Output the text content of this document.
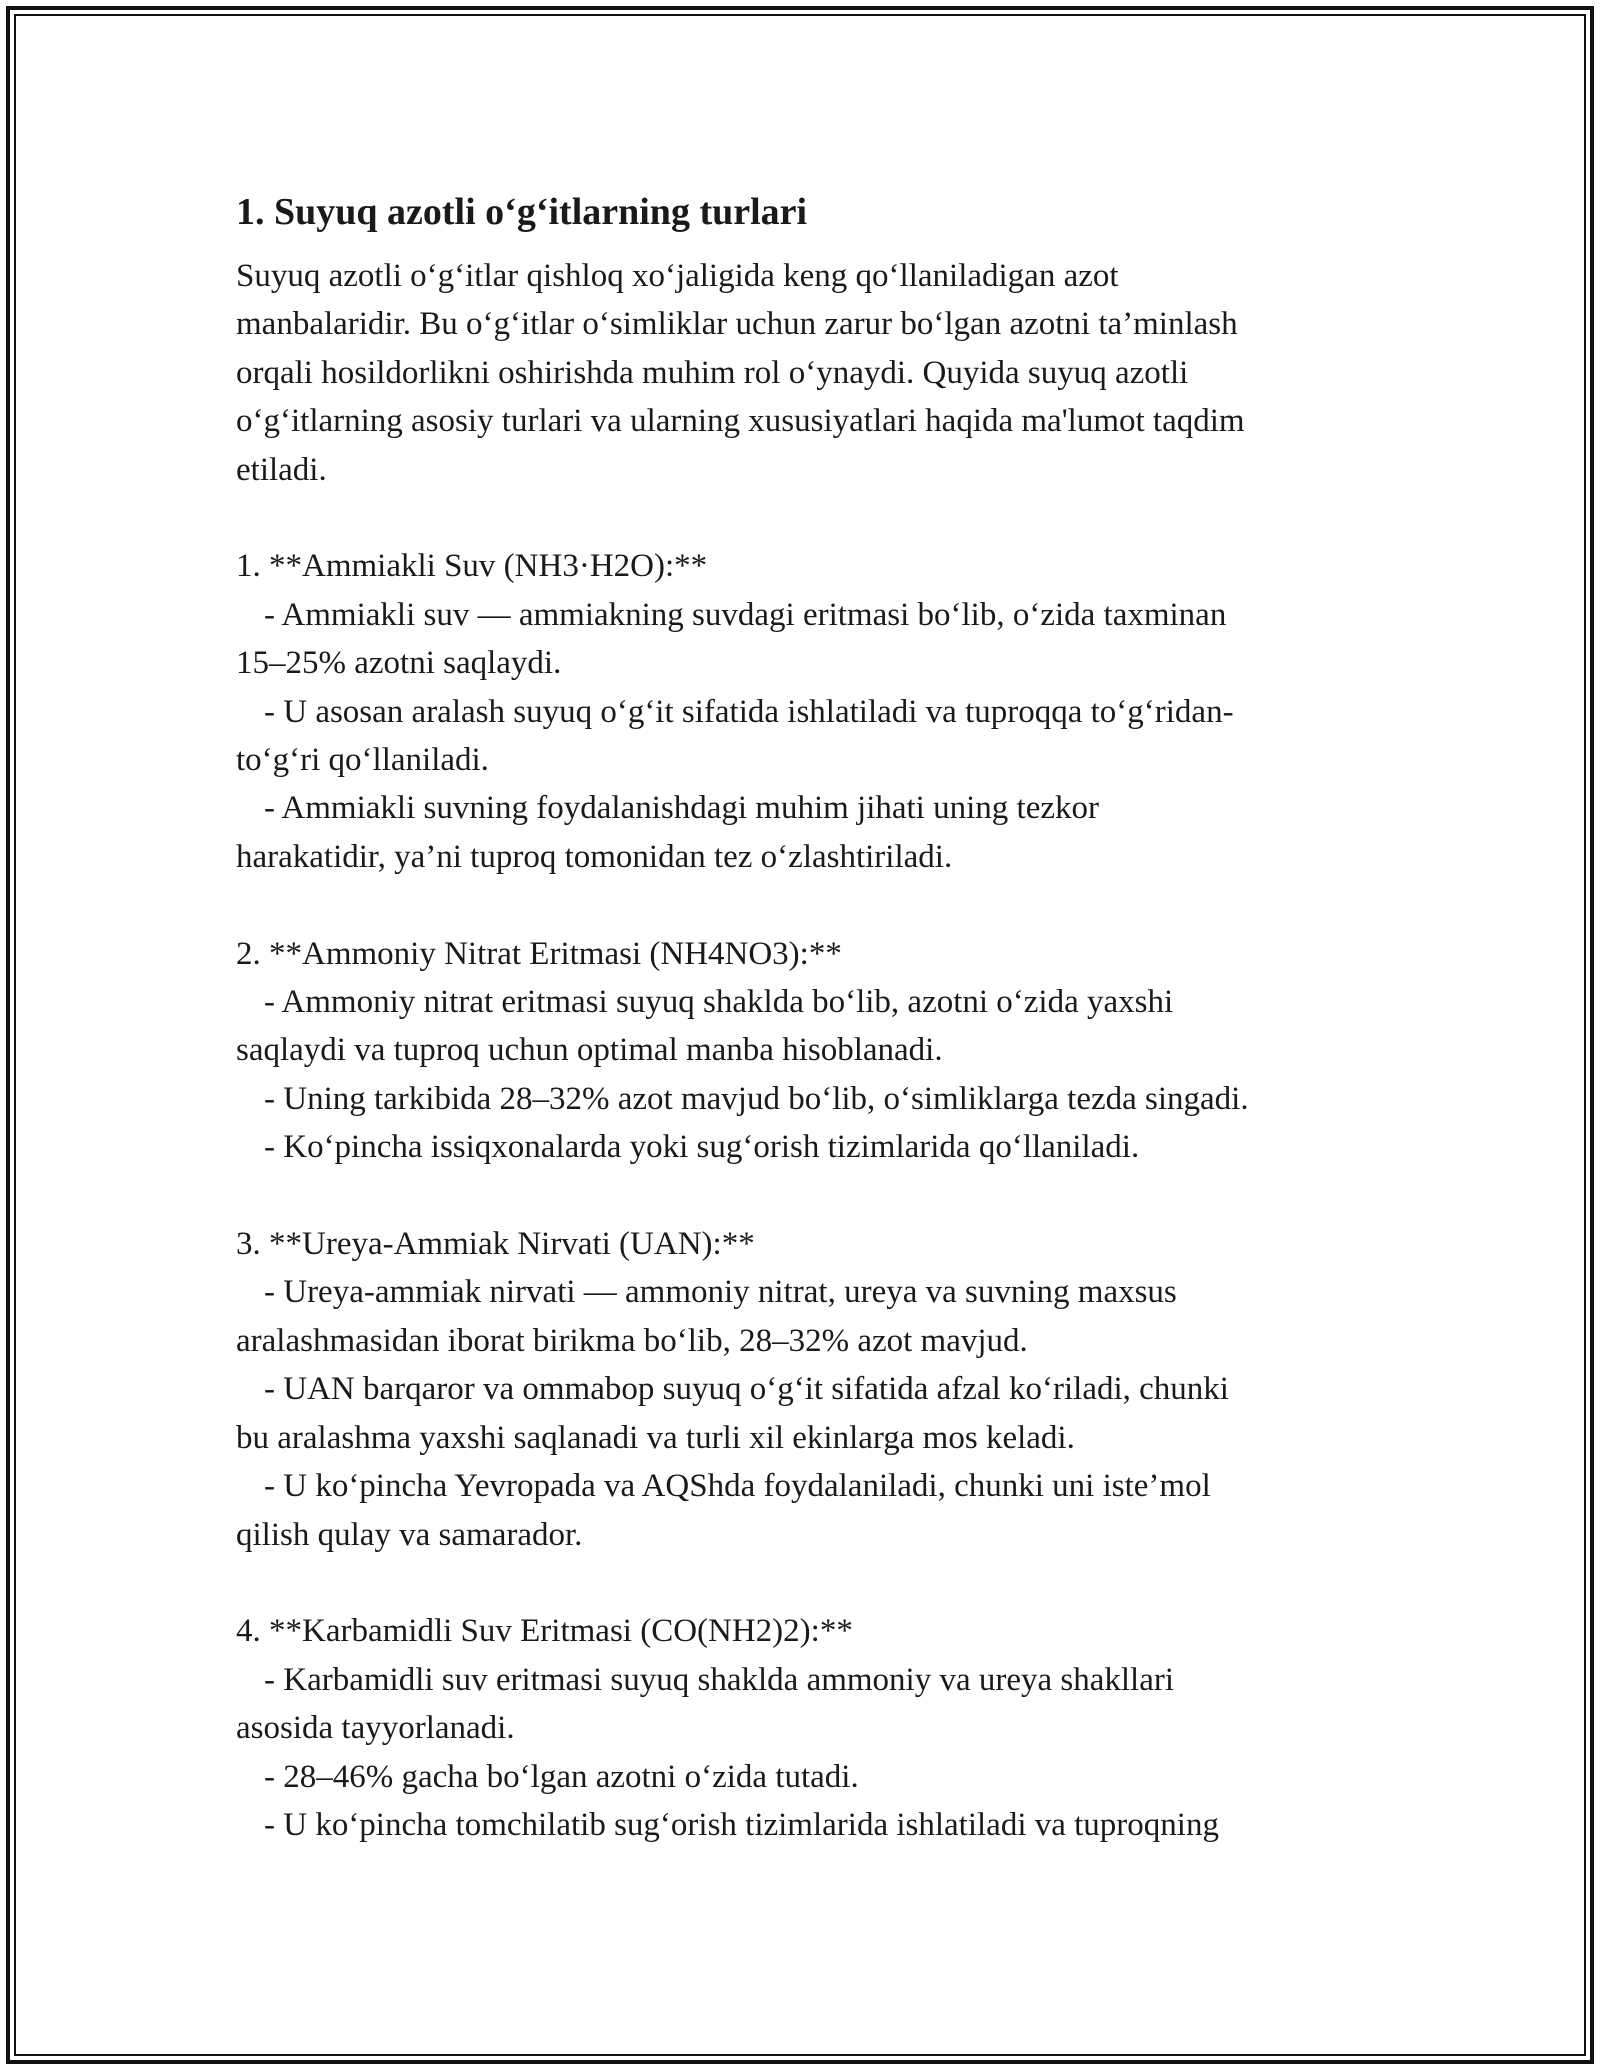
1. Suyuq azotli o‘g‘itlarning turlari

Suyuq azotli o‘g‘itlar qishloq xo‘jaligida keng qo‘llaniladigan azot

manbalaridir. Bu o‘g‘itlar o‘simliklar uchun zarur bo‘lgan azotni ta’minlash

orqali hosildorlikni oshirishda muhim rol o‘ynaydi. Quyida suyuq azotli

o‘g‘itlarning asosiy turlari va ularning xususiyatlari haqida ma'lumot taqdim

etiladi.

1. **Ammiakli Suv (NH3·H2O):**

- Ammiakli suv — ammiakning suvdagi eritmasi bo‘lib, o‘zida taxminan

15–25% azotni saqlaydi.

- U asosan aralash suyuq o‘g‘it sifatida ishlatiladi va tuproqqa to‘g‘ridan-

to‘g‘ri qo‘llaniladi.

- Ammiakli suvning foydalanishdagi muhim jihati uning tezkor

harakatidir, ya’ni tuproq tomonidan tez o‘zlashtiriladi.

2. **Ammoniy Nitrat Eritmasi (NH4NO3):**

- Ammoniy nitrat eritmasi suyuq shaklda bo‘lib, azotni o‘zida yaxshi

saqlaydi va tuproq uchun optimal manba hisoblanadi.

- Uning tarkibida 28–32% azot mavjud bo‘lib, o‘simliklarga tezda singadi.

- Ko‘pincha issiqxonalarda yoki sug‘orish tizimlarida qo‘llaniladi.

3. **Ureya-Ammiak Nirvati (UAN):**

- Ureya-ammiak nirvati — ammoniy nitrat, ureya va suvning maxsus

aralashmasidan iborat birikma bo‘lib, 28–32% azot mavjud.

- UAN barqaror va ommabop suyuq o‘g‘it sifatida afzal ko‘riladi, chunki

bu aralashma yaxshi saqlanadi va turli xil ekinlarga mos keladi.

- U ko‘pincha Yevropada va AQShda foydalaniladi, chunki uni iste’mol

qilish qulay va samarador.

4. **Karbamidli Suv Eritmasi (CO(NH2)2):**

- Karbamidli suv eritmasi suyuq shaklda ammoniy va ureya shakllari

asosida tayyorlanadi.

- 28–46% gacha bo‘lgan azotni o‘zida tutadi.

- U ko‘pincha tomchilatib sug‘orish tizimlarida ishlatiladi va tuproqning
